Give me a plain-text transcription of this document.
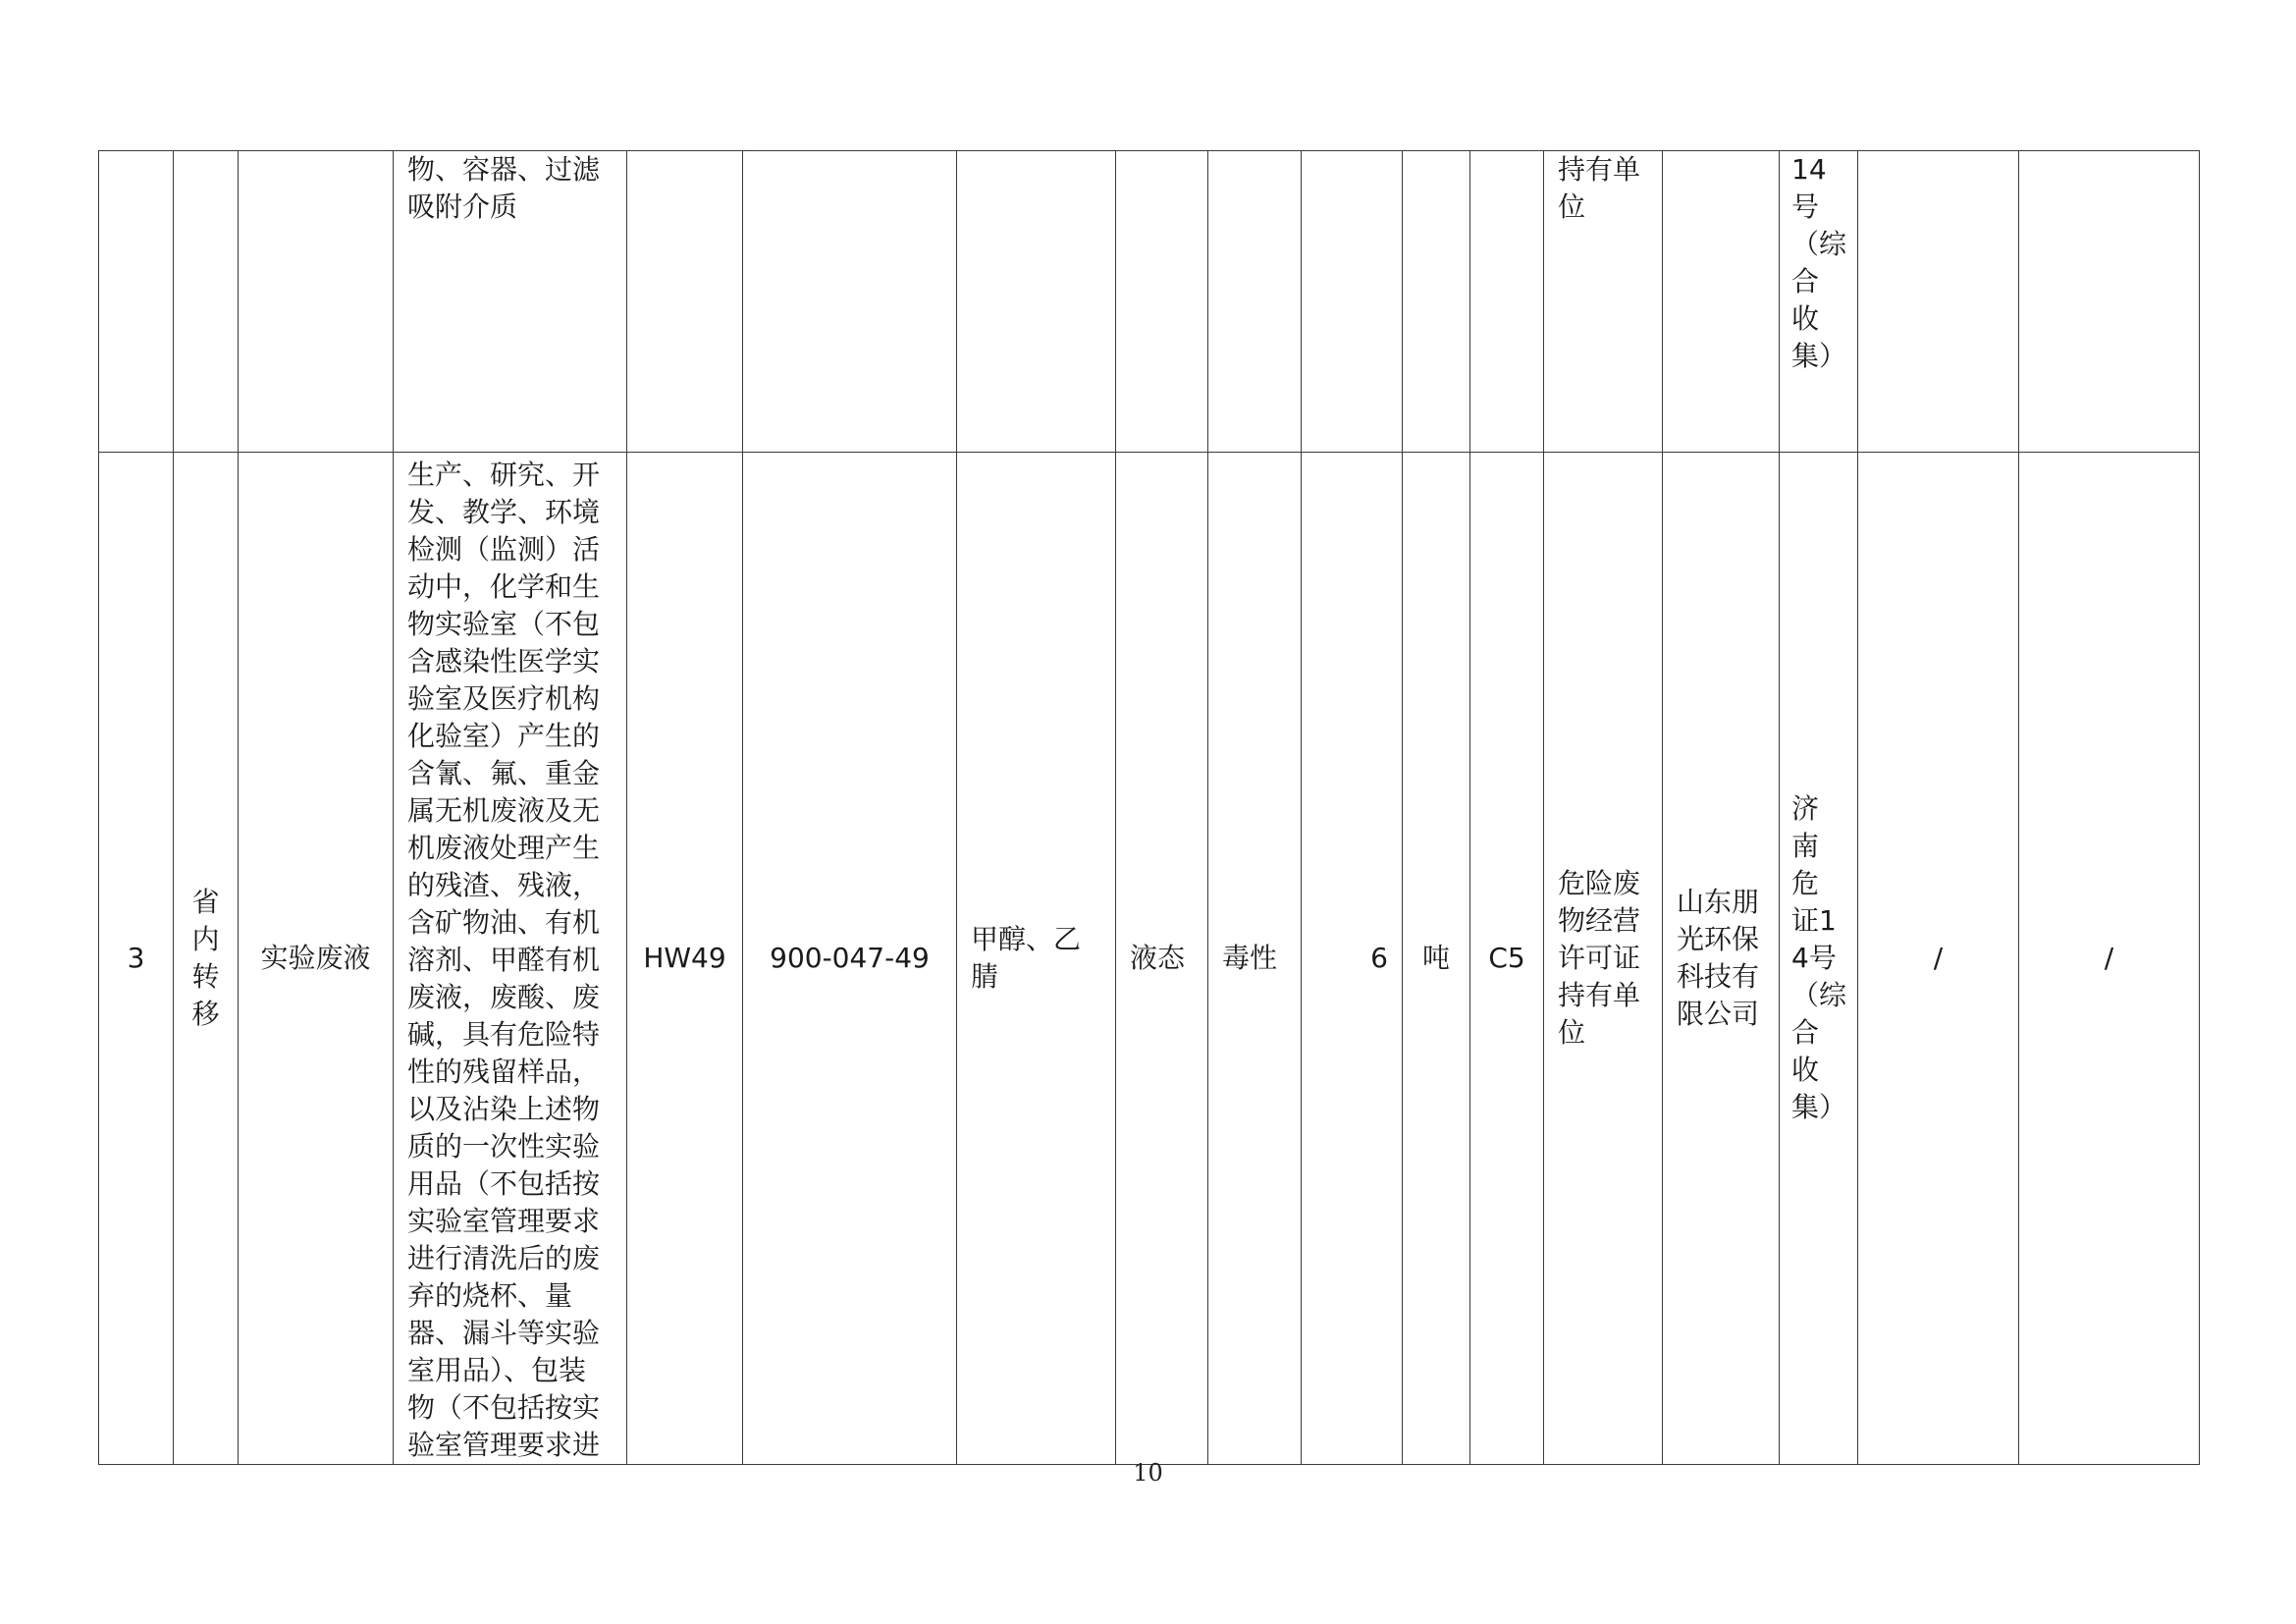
			物、容器、过滤吸附介质									持有单位		14号（综合收集）		
3	省内转移	实验废液	生产、研究、开发、教学、环境检测（监测）活动中，化学和生物实验室（不包含感染性医学实验室及医疗机构化验室）产生的含氰、氟、重金属无机废液及无机废液处理产生的残渣、残液，含矿物油、有机溶剂、甲醛有机废液，废酸、废碱，具有危险特性的残留样品，以及沾染上述物质的一次性实验用品（不包括按实验室管理要求进行清洗后的废弃的烧杯、量器、漏斗等实验室用品）、包装物（不包括按实验室管理要求进	HW49	900-047-49	甲醇、乙腈	液态	毒性	6	吨	C5	危险废物经营许可证持有单位	山东朋光环保科技有限公司	济南危证14号（综合收集）	/	/
10
